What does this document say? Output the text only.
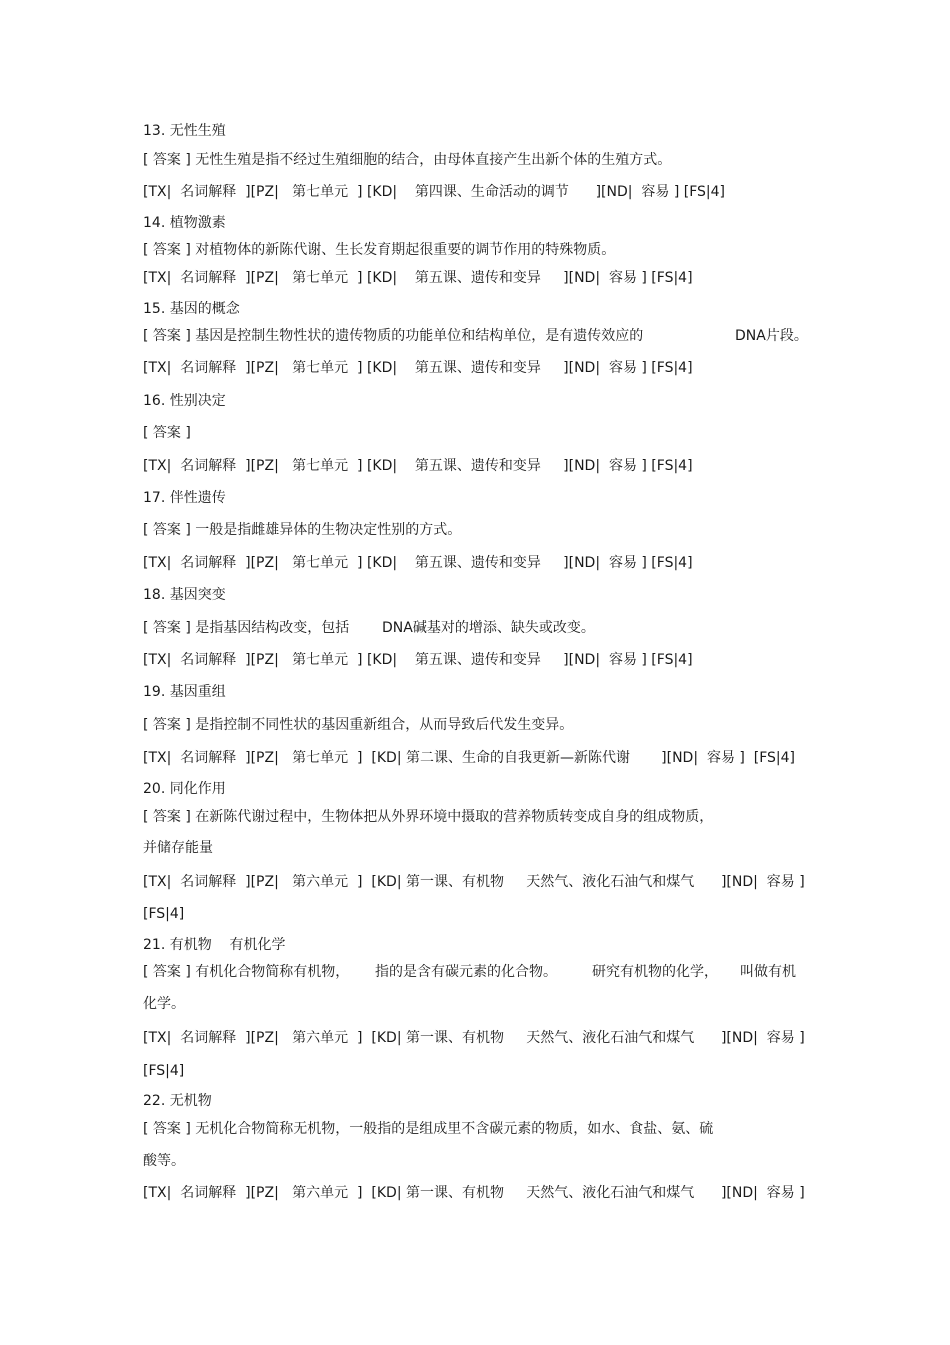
13. 无性生殖
[ 答案 ] 无性生殖是指不经过生殖细胞的结合，由母体直接产生出新个体的生殖方式。
[TX|  名词解释  ][PZ|   第七单元  ] [KD|    第四课、生命活动的调节      ][ND|  容易 ] [FS|4]
14. 植物激素
[ 答案 ] 对植物体的新陈代谢、生长发育期起很重要的调节作用的特殊物质。
[TX|  名词解释  ][PZ|   第七单元  ] [KD|    第五课、遗传和变异     ][ND|  容易 ] [FS|4]
15. 基因的概念
[ 答案 ] 基因是控制生物性状的遗传物质的功能单位和结构单位，是有遗传效应的	DNA片段。
[TX|  名词解释  ][PZ|   第七单元  ] [KD|    第五课、遗传和变异     ][ND|  容易 ] [FS|4]
16. 性别决定
[ 答案 ]
[TX|  名词解释  ][PZ|   第七单元  ] [KD|    第五课、遗传和变异     ][ND|  容易 ] [FS|4]
17. 伴性遗传
[ 答案 ] 一般是指雌雄异体的生物决定性别的方式。
[TX|  名词解释  ][PZ|   第七单元  ] [KD|    第五课、遗传和变异     ][ND|  容易 ] [FS|4]
18. 基因突变
[ 答案 ] 是指基因结构改变，包括 DNA碱基对的增添、缺失或改变。
[TX|  名词解释  ][PZ|   第七单元  ] [KD|    第五课、遗传和变异     ][ND|  容易 ] [FS|4]
19. 基因重组
[ 答案 ] 是指控制不同性状的基因重新组合，从而导致后代发生变异。
[TX|  名词解释  ][PZ|   第七单元  ]  [KD| 第二课、生命的自我更新—新陈代谢       ][ND|  容易 ]  [FS|4]
20. 同化作用
[ 答案 ] 在新陈代谢过程中，生物体把从外界环境中摄取的营养物质转变成自身的组成物质，
并储存能量
[TX|  名词解释  ][PZ|   第六单元  ]  [KD| 第一课、有机物     天然气、液化石油气和煤气      ][ND|  容易 ]
[FS|4]
21. 有机物    有机化学
[ 答案 ] 有机化合物简称有机物， 指的是含有碳元素的化合物。	研究有机物的化学， 叫做有机
化学。
[TX|  名词解释  ][PZ|   第六单元  ]  [KD| 第一课、有机物     天然气、液化石油气和煤气      ][ND|  容易 ]
[FS|4]
22. 无机物
[ 答案 ] 无机化合物简称无机物，一般指的是组成里不含碳元素的物质，如水、食盐、氨、硫
酸等。
[TX|  名词解释  ][PZ|   第六单元  ]  [KD| 第一课、有机物     天然气、液化石油气和煤气      ][ND|  容易 ]
